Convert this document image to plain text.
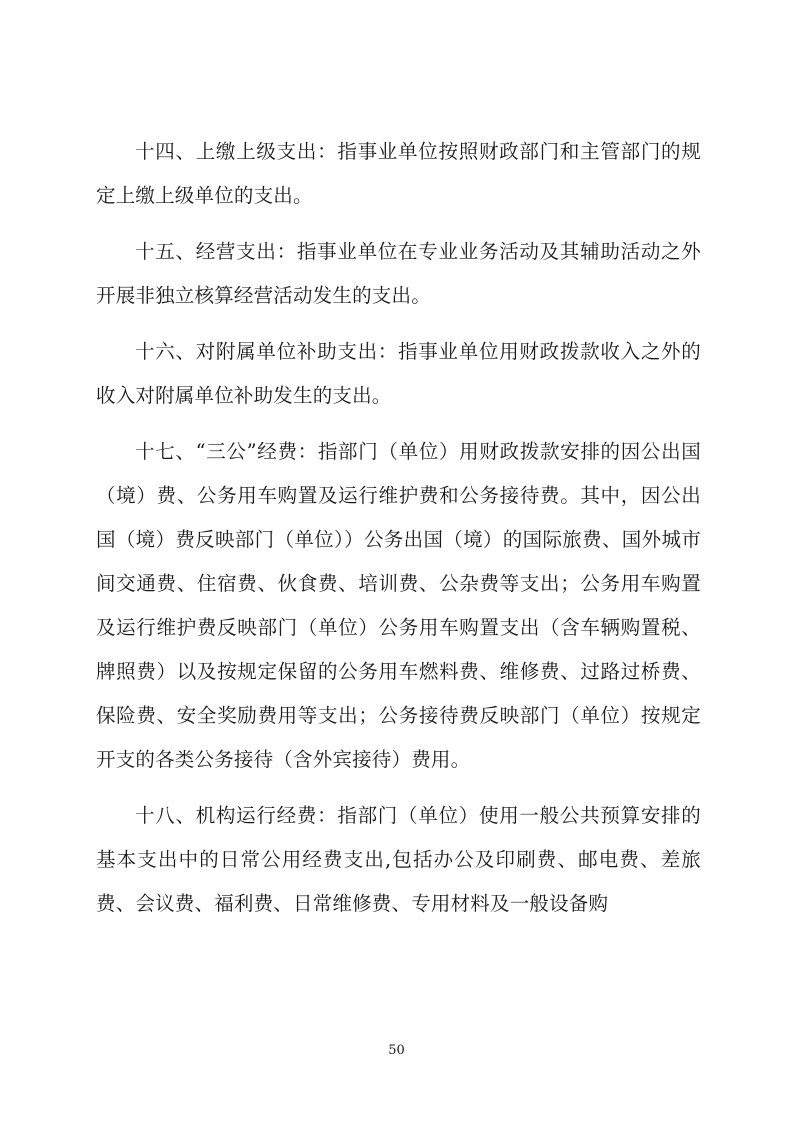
十四、上缴上级支出：指事业单位按照财政部门和主管部门的规定上缴上级单位的支出。

十五、经营支出：指事业单位在专业业务活动及其辅助活动之外开展非独立核算经营活动发生的支出。

十六、对附属单位补助支出：指事业单位用财政拨款收入之外的收入对附属单位补助发生的支出。

十七、“三公”经费：指部门（单位）用财政拨款安排的因公出国（境）费、公务用车购置及运行维护费和公务接待费。其中，因公出国（境）费反映部门（单位））公务出国（境）的国际旅费、国外城市间交通费、住宿费、伙食费、培训费、公杂费等支出；公务用车购置及运行维护费反映部门（单位）公务用车购置支出（含车辆购置税、牌照费）以及按规定保留的公务用车燃料费、维修费、过路过桥费、保险费、安全奖励费用等支出；公务接待费反映部门（单位）按规定开支的各类公务接待（含外宾接待）费用。

十八、机构运行经费：指部门（单位）使用一般公共预算安排的基本支出中的日常公用经费支出,包括办公及印刷费、邮电费、差旅费、会议费、福利费、日常维修费、专用材料及一般设备购

50
